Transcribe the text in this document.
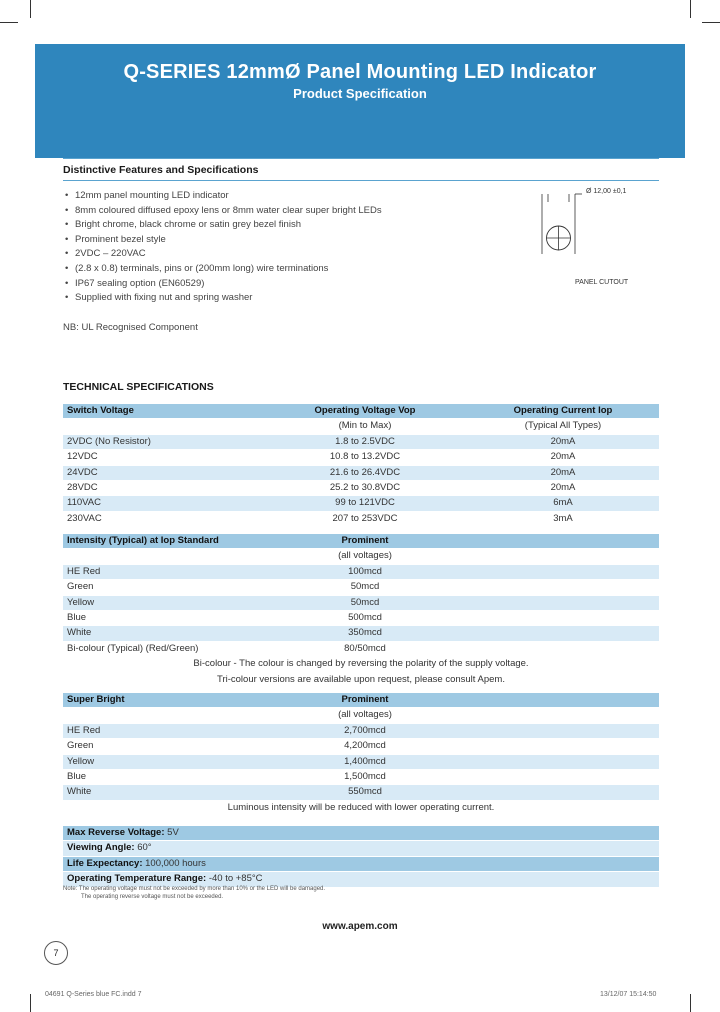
Q-SERIES 12mmØ Panel Mounting LED Indicator
Product Specification
Distinctive Features and Specifications
• 12mm panel mounting LED indicator
• 8mm coloured diffused epoxy lens or 8mm water clear super bright LEDs
• Bright chrome, black chrome or satin grey bezel finish
• Prominent bezel style
• 2VDC – 220VAC
• (2.8 x 0.8) terminals, pins or (200mm long) wire terminations
• IP67 sealing option (EN60529)
• Supplied with fixing nut and spring washer
NB: UL Recognised Component
Ø 12,00 ±0,1
PANEL CUTOUT
TECHNICAL SPECIFICATIONS
Switch Voltage	Operating Voltage Vop	Operating Current Iop
	(Min to Max)	(Typical All Types)
2VDC (No Resistor)	1.8 to 2.5VDC	20mA
12VDC	10.8 to 13.2VDC	20mA
24VDC	21.6 to 26.4VDC	20mA
28VDC	25.2 to 30.8VDC	20mA
110VAC	99 to 121VDC	6mA
230VAC	207 to 253VDC	3mA
Intensity (Typical) at Iop Standard	Prominent	
	(all voltages)	
HE Red	100mcd	
Green	50mcd	
Yellow	50mcd	
Blue	500mcd	
White	350mcd	
Bi-colour (Typical) (Red/Green)	80/50mcd	
Bi-colour - The colour is changed by reversing the polarity of the supply voltage.		
Tri-colour versions are available upon request, please consult Apem.		
Super Bright	Prominent	
	(all voltages)	
HE Red	2,700mcd	
Green	4,200mcd	
Yellow	1,400mcd	
Blue	1,500mcd	
White	550mcd	
Luminous intensity will be reduced with lower operating current.		
Max Reverse Voltage: 5V
Viewing Angle: 60°
Life Expectancy: 100,000 hours
Operating Temperature Range: -40 to +85°C
Note: The operating voltage must not be exceeded by more than 10% or the LED will be damaged.
The operating reverse voltage must not be exceeded.
www.apem.com
7
04691 Q-Series blue FC.indd 7	13/12/07 15:14:50
